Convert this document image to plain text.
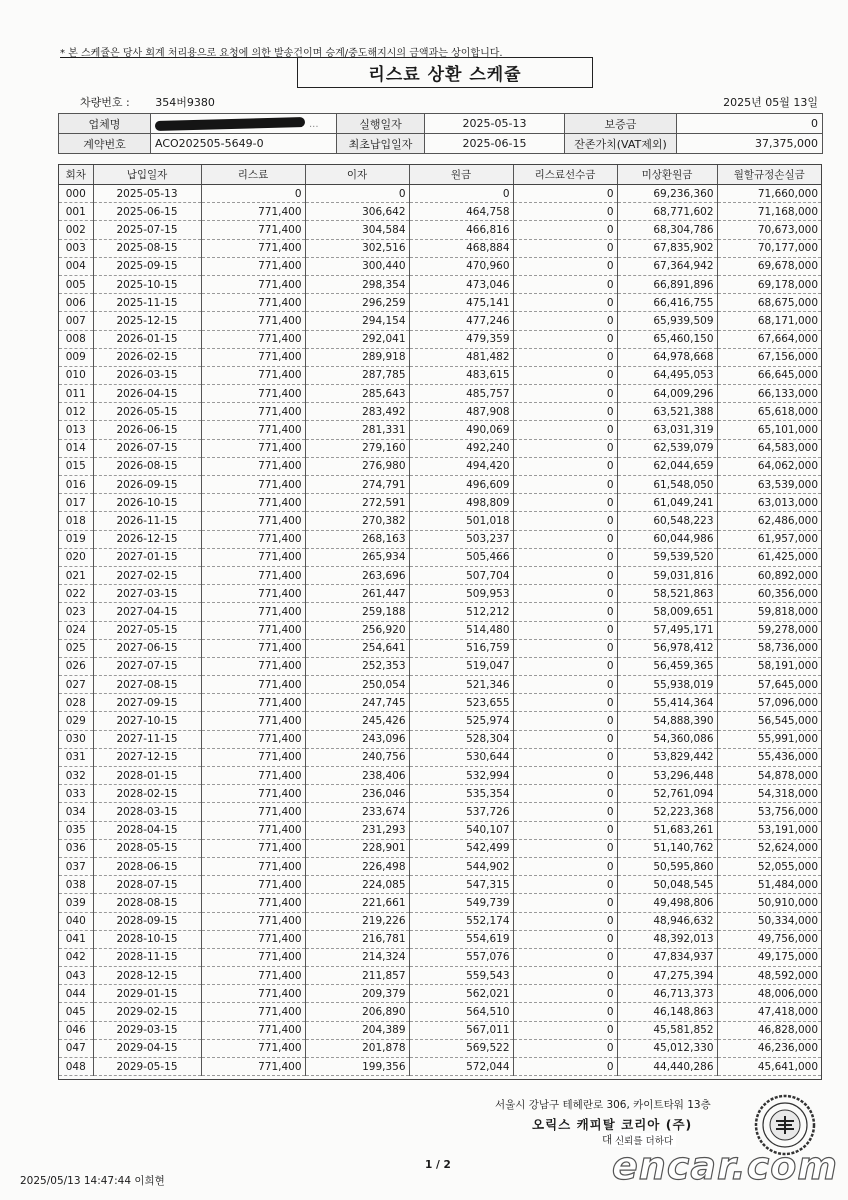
* 본 스케쥴은 당사 회계 처리용으로 요청에 의한 발송건이며 승계/중도해지시의 금액과는 상이합니다.
리스료 상환 스케쥴
차량번호 : 354버9380	2025년 05월 13일
업체명	...	실행일자	2025-05-13	보증금	0
계약번호	ACO202505-5649-0	최초납입일자	2025-06-15	잔존가치(VAT제외)	37,375,000
회차	납입일자	리스료	이자	원금	리스료선수금	미상환원금	월할규정손실금
000	2025-05-13	0	0	0	0	69,236,360	71,660,000
001	2025-06-15	771,400	306,642	464,758	0	68,771,602	71,168,000
002	2025-07-15	771,400	304,584	466,816	0	68,304,786	70,673,000
003	2025-08-15	771,400	302,516	468,884	0	67,835,902	70,177,000
004	2025-09-15	771,400	300,440	470,960	0	67,364,942	69,678,000
005	2025-10-15	771,400	298,354	473,046	0	66,891,896	69,178,000
006	2025-11-15	771,400	296,259	475,141	0	66,416,755	68,675,000
007	2025-12-15	771,400	294,154	477,246	0	65,939,509	68,171,000
008	2026-01-15	771,400	292,041	479,359	0	65,460,150	67,664,000
009	2026-02-15	771,400	289,918	481,482	0	64,978,668	67,156,000
010	2026-03-15	771,400	287,785	483,615	0	64,495,053	66,645,000
011	2026-04-15	771,400	285,643	485,757	0	64,009,296	66,133,000
012	2026-05-15	771,400	283,492	487,908	0	63,521,388	65,618,000
013	2026-06-15	771,400	281,331	490,069	0	63,031,319	65,101,000
014	2026-07-15	771,400	279,160	492,240	0	62,539,079	64,583,000
015	2026-08-15	771,400	276,980	494,420	0	62,044,659	64,062,000
016	2026-09-15	771,400	274,791	496,609	0	61,548,050	63,539,000
017	2026-10-15	771,400	272,591	498,809	0	61,049,241	63,013,000
018	2026-11-15	771,400	270,382	501,018	0	60,548,223	62,486,000
019	2026-12-15	771,400	268,163	503,237	0	60,044,986	61,957,000
020	2027-01-15	771,400	265,934	505,466	0	59,539,520	61,425,000
021	2027-02-15	771,400	263,696	507,704	0	59,031,816	60,892,000
022	2027-03-15	771,400	261,447	509,953	0	58,521,863	60,356,000
023	2027-04-15	771,400	259,188	512,212	0	58,009,651	59,818,000
024	2027-05-15	771,400	256,920	514,480	0	57,495,171	59,278,000
025	2027-06-15	771,400	254,641	516,759	0	56,978,412	58,736,000
026	2027-07-15	771,400	252,353	519,047	0	56,459,365	58,191,000
027	2027-08-15	771,400	250,054	521,346	0	55,938,019	57,645,000
028	2027-09-15	771,400	247,745	523,655	0	55,414,364	57,096,000
029	2027-10-15	771,400	245,426	525,974	0	54,888,390	56,545,000
030	2027-11-15	771,400	243,096	528,304	0	54,360,086	55,991,000
031	2027-12-15	771,400	240,756	530,644	0	53,829,442	55,436,000
032	2028-01-15	771,400	238,406	532,994	0	53,296,448	54,878,000
033	2028-02-15	771,400	236,046	535,354	0	52,761,094	54,318,000
034	2028-03-15	771,400	233,674	537,726	0	52,223,368	53,756,000
035	2028-04-15	771,400	231,293	540,107	0	51,683,261	53,191,000
036	2028-05-15	771,400	228,901	542,499	0	51,140,762	52,624,000
037	2028-06-15	771,400	226,498	544,902	0	50,595,860	52,055,000
038	2028-07-15	771,400	224,085	547,315	0	50,048,545	51,484,000
039	2028-08-15	771,400	221,661	549,739	0	49,498,806	50,910,000
040	2028-09-15	771,400	219,226	552,174	0	48,946,632	50,334,000
041	2028-10-15	771,400	216,781	554,619	0	48,392,013	49,756,000
042	2028-11-15	771,400	214,324	557,076	0	47,834,937	49,175,000
043	2028-12-15	771,400	211,857	559,543	0	47,275,394	48,592,000
044	2029-01-15	771,400	209,379	562,021	0	46,713,373	48,006,000
045	2029-02-15	771,400	206,890	564,510	0	46,148,863	47,418,000
046	2029-03-15	771,400	204,389	567,011	0	45,581,852	46,828,000
047	2029-04-15	771,400	201,878	569,522	0	45,012,330	46,236,000
048	2029-05-15	771,400	199,356	572,044	0	44,440,286	45,641,000
서울시 강남구 테헤란로 306, 카이트타워 13층
오릭스 캐피탈 코리아 (주)
대 신뢰를 더하다
1 / 2
2025/05/13 14:47:44 이희현	encar.com
